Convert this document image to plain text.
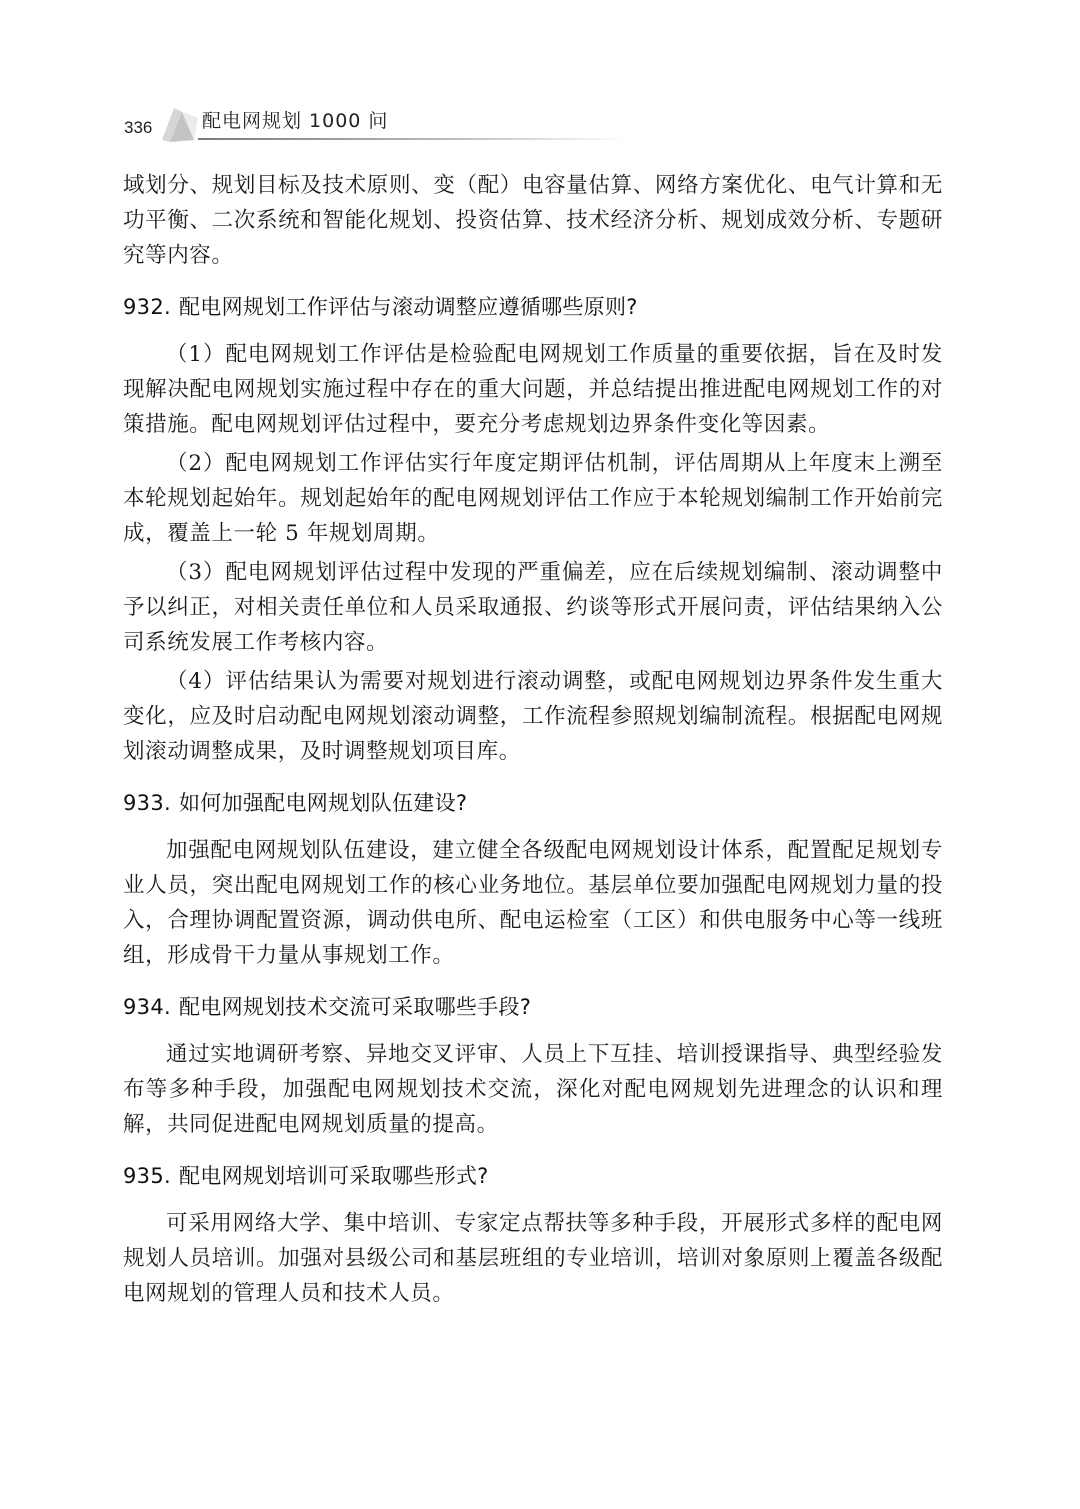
336	配电网规划 1000 问

域划分、规划目标及技术原则、变（配）电容量估算、网络方案优化、电气计算和无功平衡、二次系统和智能化规划、投资估算、技术经济分析、规划成效分析、专题研究等内容。

932. 配电网规划工作评估与滚动调整应遵循哪些原则?

（1）配电网规划工作评估是检验配电网规划工作质量的重要依据，旨在及时发现解决配电网规划实施过程中存在的重大问题，并总结提出推进配电网规划工作的对策措施。配电网规划评估过程中，要充分考虑规划边界条件变化等因素。

（2）配电网规划工作评估实行年度定期评估机制，评估周期从上年度末上溯至本轮规划起始年。规划起始年的配电网规划评估工作应于本轮规划编制工作开始前完成，覆盖上一轮 5 年规划周期。

（3）配电网规划评估过程中发现的严重偏差，应在后续规划编制、滚动调整中予以纠正，对相关责任单位和人员采取通报、约谈等形式开展问责，评估结果纳入公司系统发展工作考核内容。

（4）评估结果认为需要对规划进行滚动调整，或配电网规划边界条件发生重大变化，应及时启动配电网规划滚动调整，工作流程参照规划编制流程。根据配电网规划滚动调整成果，及时调整规划项目库。

933. 如何加强配电网规划队伍建设?

加强配电网规划队伍建设，建立健全各级配电网规划设计体系，配置配足规划专业人员，突出配电网规划工作的核心业务地位。基层单位要加强配电网规划力量的投入，合理协调配置资源，调动供电所、配电运检室（工区）和供电服务中心等一线班组，形成骨干力量从事规划工作。

934. 配电网规划技术交流可采取哪些手段?

通过实地调研考察、异地交叉评审、人员上下互挂、培训授课指导、典型经验发布等多种手段，加强配电网规划技术交流，深化对配电网规划先进理念的认识和理解，共同促进配电网规划质量的提高。

935. 配电网规划培训可采取哪些形式?

可采用网络大学、集中培训、专家定点帮扶等多种手段，开展形式多样的配电网规划人员培训。加强对县级公司和基层班组的专业培训，培训对象原则上覆盖各级配电网规划的管理人员和技术人员。
